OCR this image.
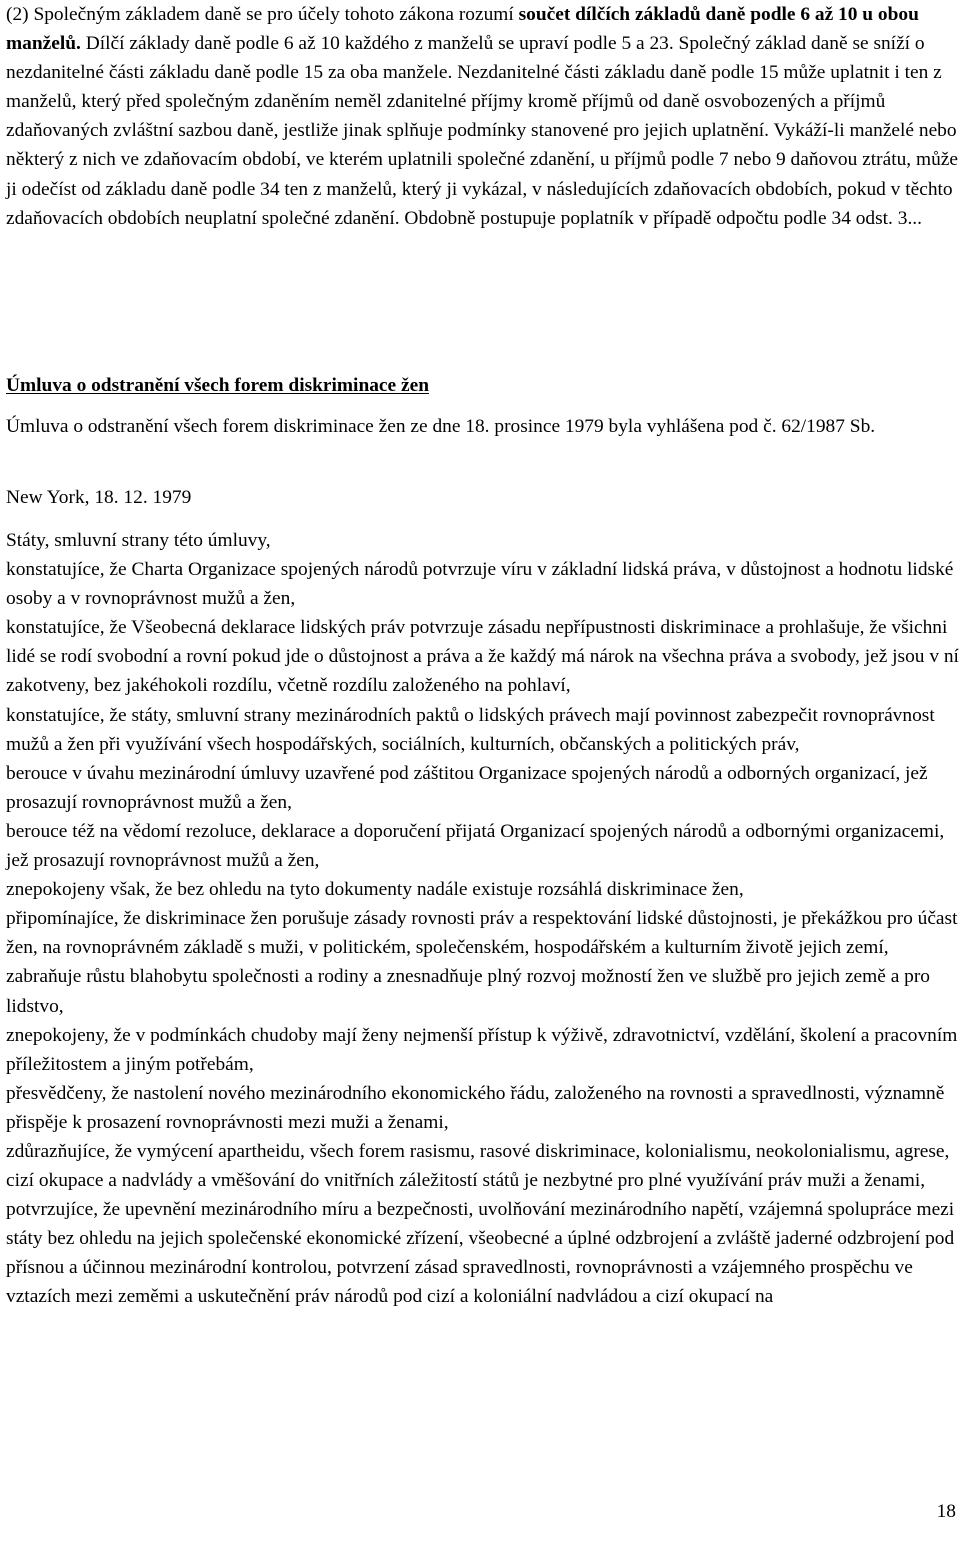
(2) Společným základem daně se pro účely tohoto zákona rozumí součet dílčích základů daně podle 6 až 10 u obou manželů. Dílčí základy daně podle 6 až 10 každého z manželů se upraví podle 5 a 23. Společný základ daně se sníží o nezdanitelné části základu daně podle 15 za oba manžele. Nezdanitelné části základu daně podle 15 může uplatnit i ten z manželů, který před společným zdaněním neměl zdanitelné příjmy kromě příjmů od daně osvobozených a příjmů zdaňovaných zvláštní sazbou daně, jestliže jinak splňuje podmínky stanovené pro jejich uplatnění. Vykáží-li manželé nebo některý z nich ve zdaňovacím období, ve kterém uplatnili společné zdanění, u příjmů podle 7 nebo 9 daňovou ztrátu, může ji odečíst od základu daně podle 34 ten z manželů, který ji vykázal, v následujících zdaňovacích obdobích, pokud v těchto zdaňovacích obdobích neuplatní společné zdanění. Obdobně postupuje poplatník v případě odpočtu podle 34 odst. 3...

Úmluva o odstranění všech forem diskriminace žen

Úmluva o odstranění všech forem diskriminace žen ze dne 18. prosince 1979 byla vyhlášena pod č. 62/1987 Sb.

New York, 18. 12. 1979

Státy, smluvní strany této úmluvy,

konstatujíce, že Charta Organizace spojených národů potvrzuje víru v základní lidská práva, v důstojnost a hodnotu lidské osoby a v rovnoprávnost mužů a žen,

konstatujíce, že Všeobecná deklarace lidských práv potvrzuje zásadu nepřípustnosti diskriminace a prohlašuje, že všichni lidé se rodí svobodní a rovní pokud jde o důstojnost a práva a že každý má nárok na všechna práva a svobody, jež jsou v ní zakotveny, bez jakéhokoli rozdílu, včetně rozdílu založeného na pohlaví,

konstatujíce, že státy, smluvní strany mezinárodních paktů o lidských právech mají povinnost zabezpečit rovnoprávnost mužů a žen při využívání všech hospodářských, sociálních, kulturních, občanských a politických práv,

berouce v úvahu mezinárodní úmluvy uzavřené pod záštitou Organizace spojených národů a odborných organizací, jež prosazují rovnoprávnost mužů a žen,

berouce též na vědomí rezoluce, deklarace a doporučení přijatá Organizací spojených národů a odbornými organizacemi, jež prosazují rovnoprávnost mužů a žen,

znepokojeny však, že bez ohledu na tyto dokumenty nadále existuje rozsáhlá diskriminace žen,

připomínajíce, že diskriminace žen porušuje zásady rovnosti práv a respektování lidské důstojnosti, je překážkou pro účast žen, na rovnoprávném základě s muži, v politickém, společenském, hospodářském a kulturním životě jejich zemí, zabraňuje růstu blahobytu společnosti a rodiny a znesnadňuje plný rozvoj možností žen ve službě pro jejich země a pro lidstvo,

znepokojeny, že v podmínkách chudoby mají ženy nejmenší přístup k výživě, zdravotnictví, vzdělání, školení a pracovním příležitostem a jiným potřebám,

přesvědčeny, že nastolení nového mezinárodního ekonomického řádu, založeného na rovnosti a spravedlnosti, významně přispěje k prosazení rovnoprávnosti mezi muži a ženami,

zdůrazňujíce, že vymýcení apartheidu, všech forem rasismu, rasové diskriminace, kolonialismu, neokolonialismu, agrese, cizí okupace a nadvlády a vměšování do vnitřních záležitostí států je nezbytné pro plné využívání práv muži a ženami,

potvrzujíce, že upevnění mezinárodního míru a bezpečnosti, uvolňování mezinárodního napětí, vzájemná spolupráce mezi státy bez ohledu na jejich společenské ekonomické zřízení, všeobecné a úplné odzbrojení a zvláště jaderné odzbrojení pod přísnou a účinnou mezinárodní kontrolou, potvrzení zásad spravedlnosti, rovnoprávnosti a vzájemného prospěchu ve vztazích mezi zeměmi a uskutečnění práv národů pod cizí a koloniální nadvládou a cizí okupací na

18
